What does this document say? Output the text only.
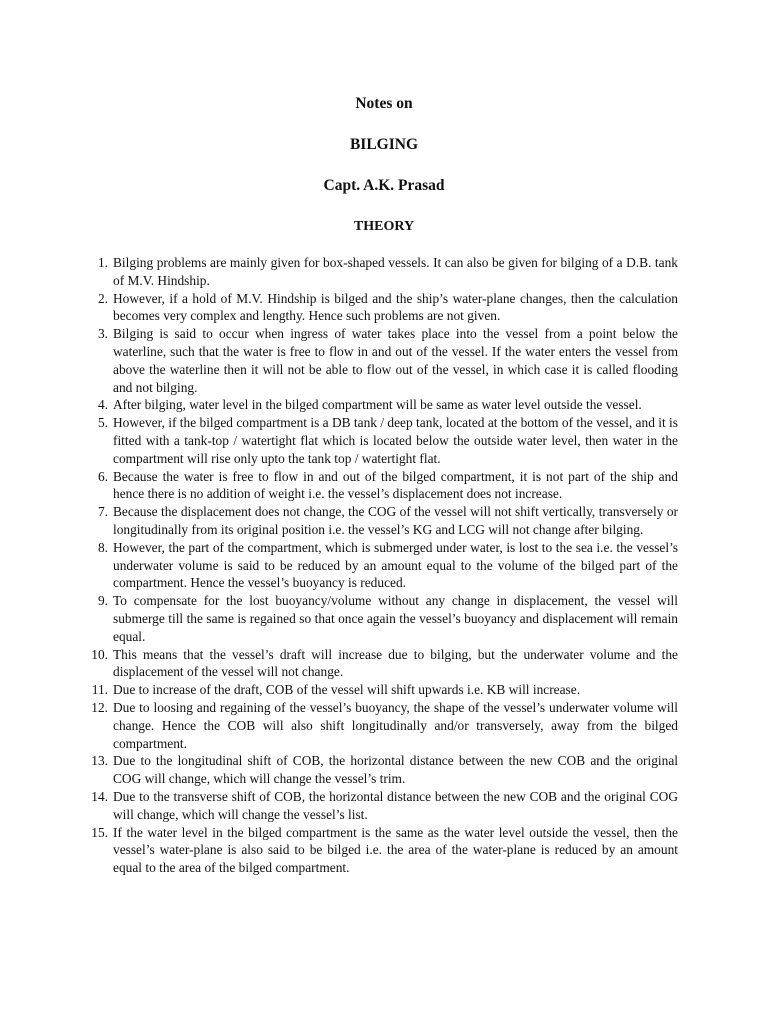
Notes on
BILGING
Capt. A.K. Prasad
THEORY
1. Bilging problems are mainly given for box-shaped vessels. It can also be given for bilging of a D.B. tank of M.V. Hindship.
2. However, if a hold of M.V. Hindship is bilged and the ship’s water-plane changes, then the calculation becomes very complex and lengthy. Hence such problems are not given.
3. Bilging is said to occur when ingress of water takes place into the vessel from a point below the waterline, such that the water is free to flow in and out of the vessel. If the water enters the vessel from above the waterline then it will not be able to flow out of the vessel, in which case it is called flooding and not bilging.
4. After bilging, water level in the bilged compartment will be same as water level outside the vessel.
5. However, if the bilged compartment is a DB tank / deep tank, located at the bottom of the vessel, and it is fitted with a tank-top / watertight flat which is located below the outside water level, then water in the compartment will rise only upto the tank top / watertight flat.
6. Because the water is free to flow in and out of the bilged compartment, it is not part of the ship and hence there is no addition of weight i.e. the vessel’s displacement does not increase.
7. Because the displacement does not change, the COG of the vessel will not shift vertically, transversely or longitudinally from its original position i.e. the vessel’s KG and LCG will not change after bilging.
8. However, the part of the compartment, which is submerged under water, is lost to the sea i.e. the vessel’s underwater volume is said to be reduced by an amount equal to the volume of the bilged part of the compartment. Hence the vessel’s buoyancy is reduced.
9. To compensate for the lost buoyancy/volume without any change in displacement, the vessel will submerge till the same is regained so that once again the vessel’s buoyancy and displacement will remain equal.
10. This means that the vessel’s draft will increase due to bilging, but the underwater volume and the displacement of the vessel will not change.
11. Due to increase of the draft, COB of the vessel will shift upwards i.e. KB will increase.
12. Due to loosing and regaining of the vessel’s buoyancy, the shape of the vessel’s underwater volume will change. Hence the COB will also shift longitudinally and/or transversely, away from the bilged compartment.
13. Due to the longitudinal shift of COB, the horizontal distance between the new COB and the original COG will change, which will change the vessel’s trim.
14. Due to the transverse shift of COB, the horizontal distance between the new COB and the original COG will change, which will change the vessel’s list.
15. If the water level in the bilged compartment is the same as the water level outside the vessel, then the vessel’s water-plane is also said to be bilged i.e. the area of the water-plane is reduced by an amount equal to the area of the bilged compartment.
